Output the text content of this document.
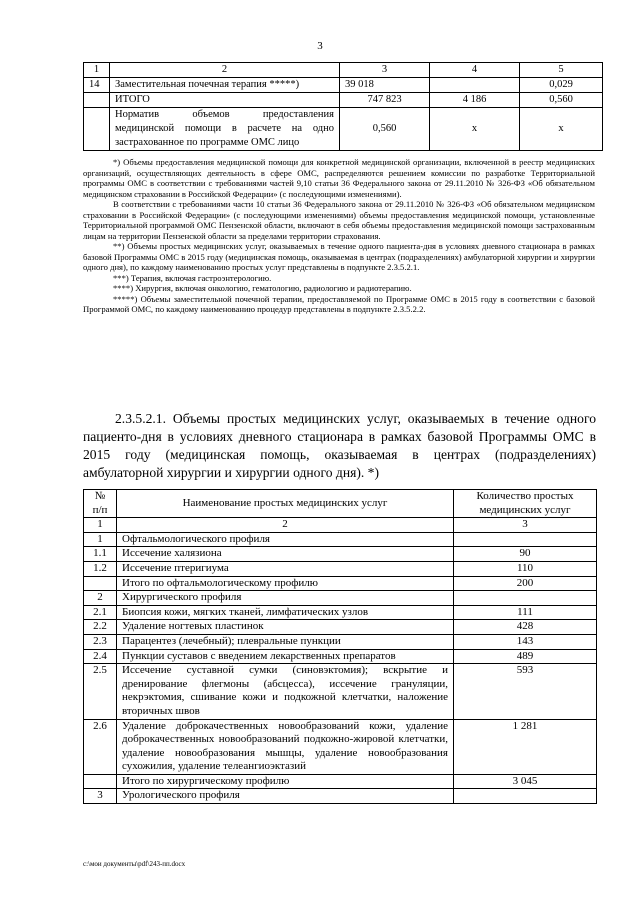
3
1	2	3	4	5
14	Заместительная почечная терапия *****)	39 018		0,029
	ИТОГО	747 823	4 186	0,560
	Норматив объемов предоставления медицинской помощи в расчете на одно застрахованное по программе ОМС лицо	0,560	х	х

*) Объемы предоставления медицинской помощи для конкретной медицинской организации, включенной в реестр медицинских организаций, осуществляющих деятельность в сфере ОМС, распределяются решением комиссии по разработке Территориальной программы ОМС в соответствии с требованиями частей 9,10 статьи 36 Федерального закона от 29.11.2010 № 326-ФЗ «Об обязательном медицинском страховании в Российской Федерации» (с последующими изменениями).

В соответствии с требованиями части 10 статьи 36 Федерального закона от 29.11.2010 № 326-ФЗ «Об обязательном медицинском страховании в Российской Федерации» (с последующими изменениями) объемы предоставления медицинской помощи, установленные Территориальной программой ОМС Пензенской области, включают в себя объемы предоставления медицинской помощи застрахованным лицам на территории Пензенской области за пределами территории страхования.

**) Объемы простых медицинских услуг, оказываемых в течение одного пациента-дня в условиях дневного стационара в рамках базовой Программы ОМС в 2015 году (медицинская помощь, оказываемая в центрах (подразделениях) амбулаторной хирургии и хирургии одного дня), по каждому наименованию простых услуг представлены в подпункте 2.3.5.2.1.

***) Терапия, включая гастроэнтерологию.

****) Хирургия, включая онкологию, гематологию, радиологию и радиотерапию.

*****) Объемы заместительной почечной терапии, предоставляемой по Программе ОМС в 2015 году в соответствии с базовой Программой ОМС, по каждому наименованию процедур представлены в подпункте 2.3.5.2.2.

2.3.5.2.1. Объемы простых медицинских услуг, оказываемых в течение одного пациенто-дня в условиях дневного стационара в рамках базовой Программы ОМС в 2015 году (медицинская помощь, оказываемая в центрах (подразделениях) амбулаторной хирургии и хирургии одного дня). *)

№ п/п	Наименование простых медицинских услуг	Количество простых медицинских услуг
1	2	3
1	Офтальмологического профиля	
1.1	Иссечение халязиона	90
1.2	Иссечение птеригиума	110
	Итого по офтальмологическому профилю	200
2	Хирургического профиля	
2.1	Биопсия кожи, мягких тканей, лимфатических узлов	111
2.2	Удаление ногтевых пластинок	428
2.3	Парацентез (лечебный); плевральные пункции	143
2.4	Пункции суставов с введением лекарственных препаратов	489
2.5	Иссечение суставной сумки (синовэктомия); вскрытие и дренирование флегмоны (абсцесса), иссечение грануляции, некрэктомия, сшивание кожи и подкожной клетчатки, наложение вторичных швов	593
2.6	Удаление доброкачественных новообразований кожи, удаление доброкачественных новообразований подкожно-жировой клетчатки, удаление новообразования мышцы, удаление новообразования сухожилия, удаление телеангиоэктазий	1 281
	Итого по хирургическому профилю	3 045
3	Урологического профиля	
c:\мои документы\pdf\243-пп.docx
